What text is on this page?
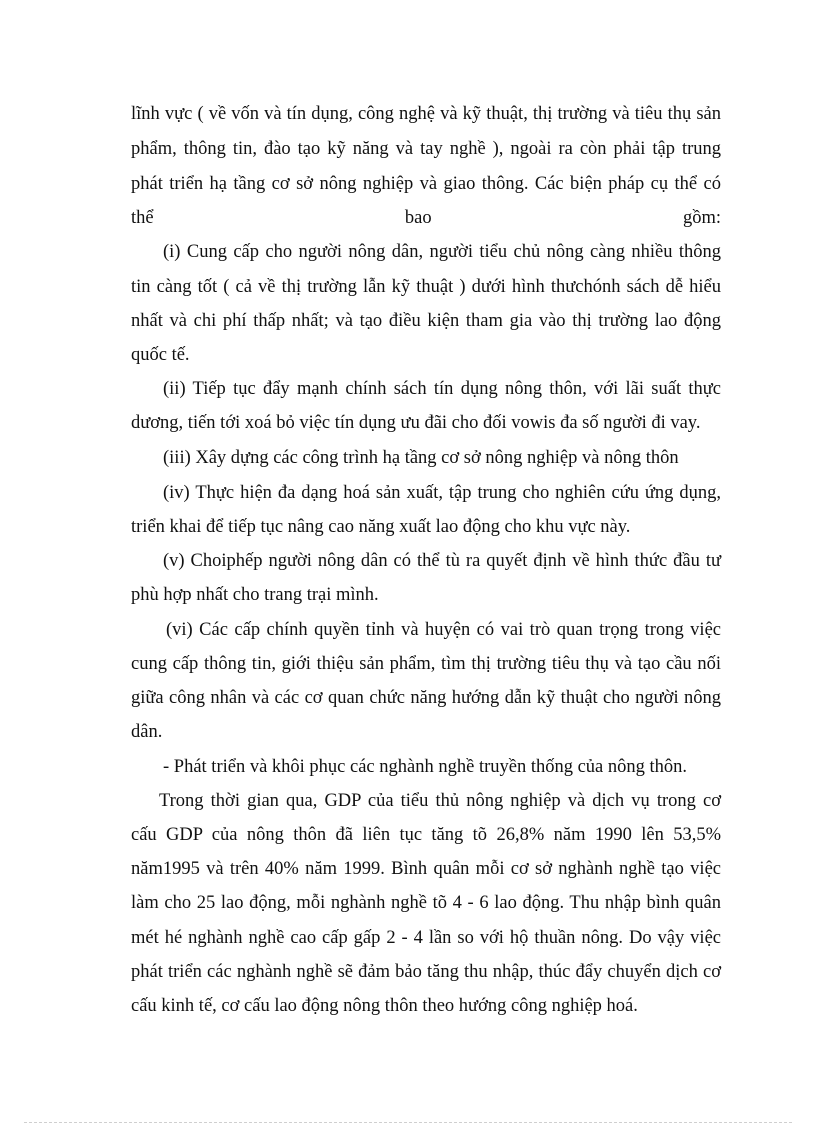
lĩnh vực ( về vốn và tín dụng, công nghệ và kỹ thuật, thị trường và tiêu thụ sản
phẩm, thông tin, đào tạo kỹ năng và tay nghề ), ngoài ra còn phải tập trung
phát triển hạ tầng cơ sở nông nghiệp và giao thông. Các biện pháp cụ thể có
thể bao gồm:
(i) Cung cấp cho người nông dân, người tiểu chủ nông càng nhiều thông
tin càng tốt ( cả về thị trường lẫn kỹ thuật ) dưới hình thưchónh sách dễ hiểu
nhất và chi phí thấp nhất; và tạo điều kiện tham gia vào thị trường lao động
quốc tế.
(ii) Tiếp tục đẩy mạnh chính sách tín dụng nông thôn, với lãi suất thực
dương, tiến tới xoá bỏ việc tín dụng ưu đãi cho đối vowis đa số người đi vay.
(iii) Xây dựng các công trình hạ tầng cơ sở nông nghiệp và nông thôn
(iv) Thực hiện đa dạng hoá sản xuất, tập trung cho nghiên cứu ứng dụng,
triển khai để tiếp tục nâng cao năng xuất lao động cho khu vực này.
(v) Choiphếp người nông dân có thể tù ra quyết định về hình thức đầu tư
phù hợp nhất cho trang trại mình.
(vi) Các cấp chính quyền tỉnh và huyện có vai trò quan trọng trong việc
cung cấp thông tin, giới thiệu sản phẩm, tìm thị trường tiêu thụ và tạo cầu nối
giữa công nhân và các cơ quan chức năng hướng dẫn kỹ thuật cho người nông
dân.
- Phát triển và khôi phục các nghành nghề truyền thống của nông thôn.
Trong thời gian qua, GDP của tiểu thủ nông nghiệp và dịch vụ trong cơ
cấu GDP của nông thôn đã liên tục tăng tõ 26,8% năm 1990 lên 53,5%
năm1995 và trên 40% năm 1999. Bình quân mỗi cơ sở nghành nghề tạo việc
làm cho 25 lao động, mỗi nghành nghề tõ 4 - 6 lao động. Thu nhập bình quân
mét hé nghành nghề cao cấp gấp 2 - 4 lần so với hộ thuần nông. Do vậy việc
phát triển các nghành nghề sẽ đảm bảo tăng thu nhập, thúc đẩy chuyển dịch cơ
cấu kinh tế, cơ cấu lao động nông thôn theo hướng công nghiệp hoá.
